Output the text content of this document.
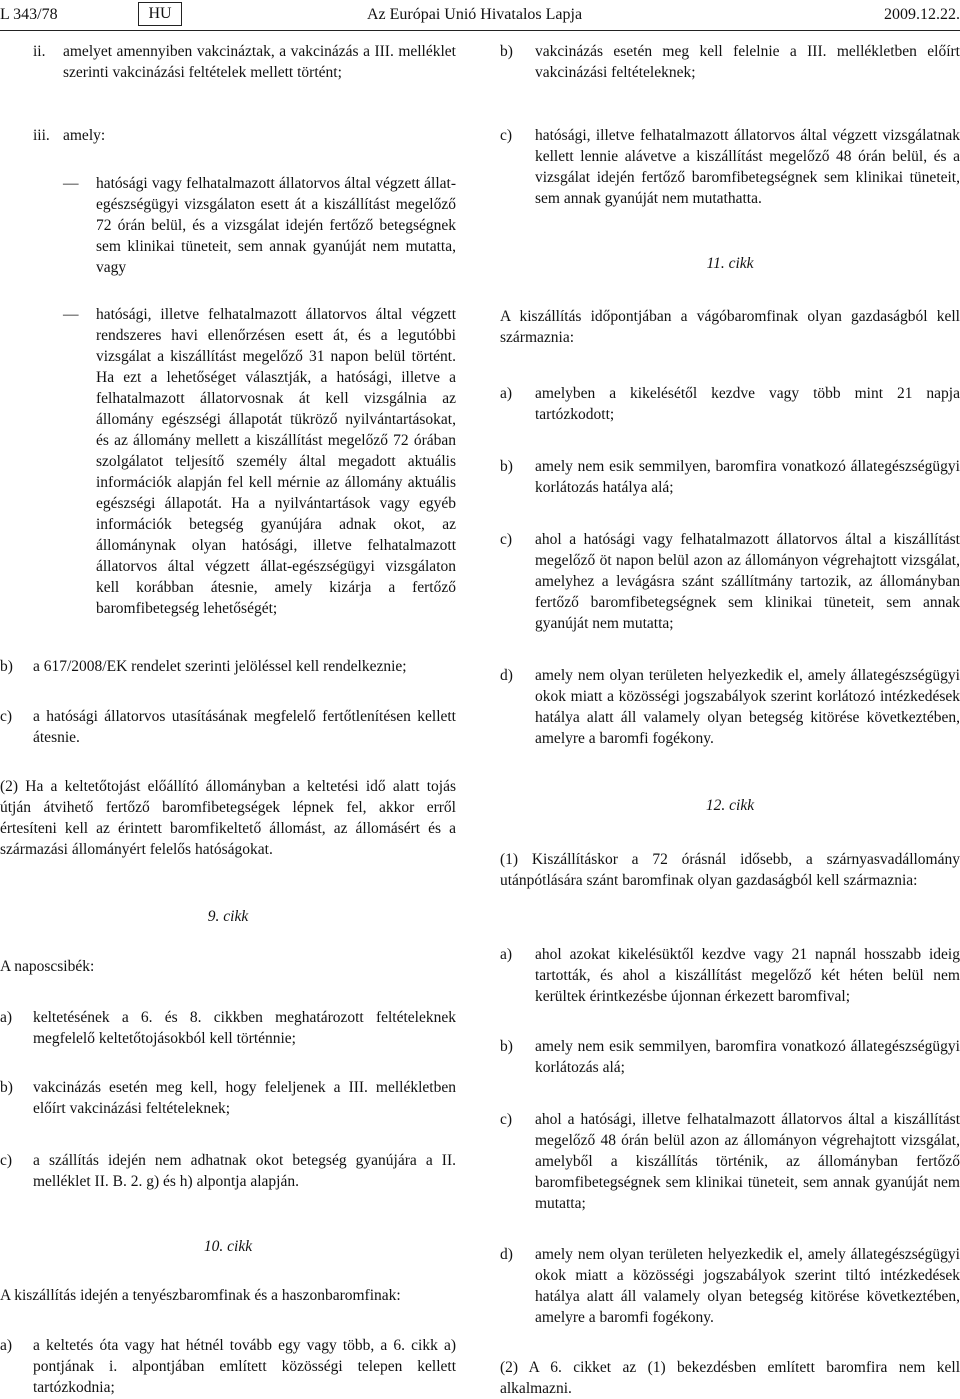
L 343/78	HU	Az Európai Unió Hivatalos Lapja	2009.12.22.
ii. amelyet amennyiben vakcináztak, a vakcinázás a III. melléklet szerinti vakcinázási feltételek mellett történt;
iii. amely:
— hatósági vagy felhatalmazott állatorvos által végzett állat-egészségügyi vizsgálaton esett át a kiszállítást megelőző 72 órán belül, és a vizsgálat idején fertőző betegségnek sem klinikai tüneteit, sem annak gyanúját nem mutatta, vagy
— hatósági, illetve felhatalmazott állatorvos által végzett rendszeres havi ellenőrzésen esett át, és a legutóbbi vizsgálat a kiszállítást megelőző 31 napon belül történt. Ha ezt a lehetőséget választják, a hatósági, illetve a felhatalmazott állatorvosnak át kell vizsgálnia az állomány egészségi állapotát tükröző nyilvántartásokat, és az állomány mellett a kiszállítást megelőző 72 órában szolgálatot teljesítő személy által megadott aktuális információk alapján fel kell mérnie az állomány aktuális egészségi állapotát. Ha a nyilvántartások vagy egyéb információk betegség gyanújára adnak okot, az állománynak olyan hatósági, illetve felhatalmazott állatorvos által végzett állat-egészségügyi vizsgálaton kell korábban átesnie, amely kizárja a fertőző baromfibetegség lehetőségét;
b) a 617/2008/EK rendelet szerinti jelöléssel kell rendelkeznie;
c) a hatósági állatorvos utasításának megfelelő fertőtlenítésen kellett átesnie.
(2) Ha a keltetőtojást előállító állományban a keltetési idő alatt tojás útján átvihető fertőző baromfibetegségek lépnek fel, akkor erről értesíteni kell az érintett baromfikeltető állomást, az állomásért és a származási állományért felelős hatóságokat.
9. cikk
A naposcsibék:
a) keltetésének a 6. és 8. cikkben meghatározott feltételeknek megfelelő keltetőtojásokból kell történnie;
b) vakcinázás esetén meg kell, hogy feleljenek a III. mellékletben előírt vakcinázási feltételeknek;
c) a szállítás idején nem adhatnak okot betegség gyanújára a II. melléklet II. B. 2. g) és h) alpontja alapján.
10. cikk
A kiszállítás idején a tenyészbaromfinak és a haszonbaromfinak:
a) a keltetés óta vagy hat hétnél tovább egy vagy több, a 6. cikk a) pontjának i. alpontjában említett közösségi telepen kellett tartózkodnia;
b) vakcinázás esetén meg kell felelnie a III. mellékletben előírt vakcinázási feltételeknek;
c) hatósági, illetve felhatalmazott állatorvos által végzett vizsgálatnak kellett lennie alávetve a kiszállítást megelőző 48 órán belül, és a vizsgálat idején fertőző baromfibetegségnek sem klinikai tüneteit, sem annak gyanúját nem mutathatta.
11. cikk
A kiszállítás időpontjában a vágóbaromfinak olyan gazdaságból kell származnia:
a) amelyben a kikelésétől kezdve vagy több mint 21 napja tartózkodott;
b) amely nem esik semmilyen, baromfira vonatkozó állategészségügyi korlátozás hatálya alá;
c) ahol a hatósági vagy felhatalmazott állatorvos által a kiszállítást megelőző öt napon belül azon az állományon végrehajtott vizsgálat, amelyhez a levágásra szánt szállítmány tartozik, az állományban fertőző baromfibetegségnek sem klinikai tüneteit, sem annak gyanúját nem mutatta;
d) amely nem olyan területen helyezkedik el, amely állategészségügyi okok miatt a közösségi jogszabályok szerint korlátozó intézkedések hatálya alatt áll valamely olyan betegség kitörése következtében, amelyre a baromfi fogékony.
12. cikk
(1) Kiszállításkor a 72 órásnál idősebb, a szárnyasvadállomány utánpótlására szánt baromfinak olyan gazdaságból kell származnia:
a) ahol azokat kikelésüktől kezdve vagy 21 napnál hosszabb ideig tartották, és ahol a kiszállítást megelőző két héten belül nem kerültek érintkezésbe újonnan érkezett baromfival;
b) amely nem esik semmilyen, baromfira vonatkozó állategészségügyi korlátozás alá;
c) ahol a hatósági, illetve felhatalmazott állatorvos által a kiszállítást megelőző 48 órán belül azon az állományon végrehajtott vizsgálat, amelyből a kiszállítás történik, az állományban fertőző baromfibetegségnek sem klinikai tüneteit, sem annak gyanúját nem mutatta;
d) amely nem olyan területen helyezkedik el, amely állategészségügyi okok miatt a közösségi jogszabályok szerint tiltó intézkedések hatálya alatt áll valamely olyan betegség kitörése következtében, amelyre a baromfi fogékony.
(2) A 6. cikket az (1) bekezdésben említett baromfira nem kell alkalmazni.
